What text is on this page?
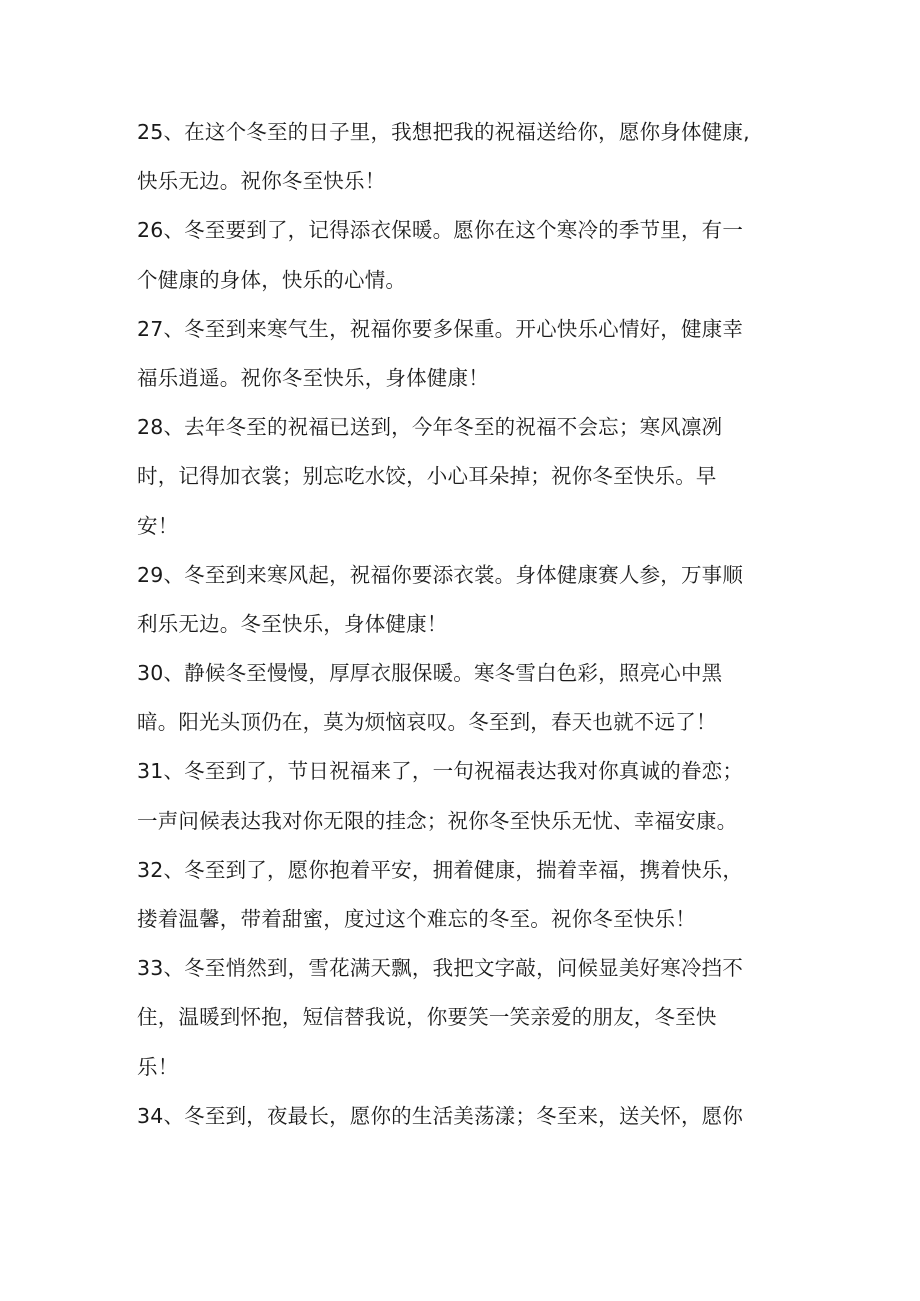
25、在这个冬至的日子里，我想把我的祝福送给你，愿你身体健康,
快乐无边。祝你冬至快乐！
26、冬至要到了，记得添衣保暖。愿你在这个寒冷的季节里，有一
个健康的身体，快乐的心情。
27、冬至到来寒气生，祝福你要多保重。开心快乐心情好，健康幸
福乐逍遥。祝你冬至快乐，身体健康！
28、去年冬至的祝福已送到，今年冬至的祝福不会忘；寒风凛冽
时，记得加衣裳；别忘吃水饺，小心耳朵掉；祝你冬至快乐。早
安！
29、冬至到来寒风起，祝福你要添衣裳。身体健康赛人参，万事顺
利乐无边。冬至快乐，身体健康！
30、静候冬至慢慢，厚厚衣服保暖。寒冬雪白色彩，照亮心中黑
暗。阳光头顶仍在，莫为烦恼哀叹。冬至到，春天也就不远了！
31、冬至到了，节日祝福来了，一句祝福表达我对你真诚的眷恋；
一声问候表达我对你无限的挂念；祝你冬至快乐无忧、幸福安康。
32、冬至到了，愿你抱着平安，拥着健康，揣着幸福，携着快乐，
搂着温馨，带着甜蜜，度过这个难忘的冬至。祝你冬至快乐！
33、冬至悄然到，雪花满天飘，我把文字敲，问候显美好寒冷挡不
住，温暖到怀抱，短信替我说，你要笑一笑亲爱的朋友，冬至快
乐！
34、冬至到，夜最长，愿你的生活美荡漾；冬至来，送关怀，愿你
